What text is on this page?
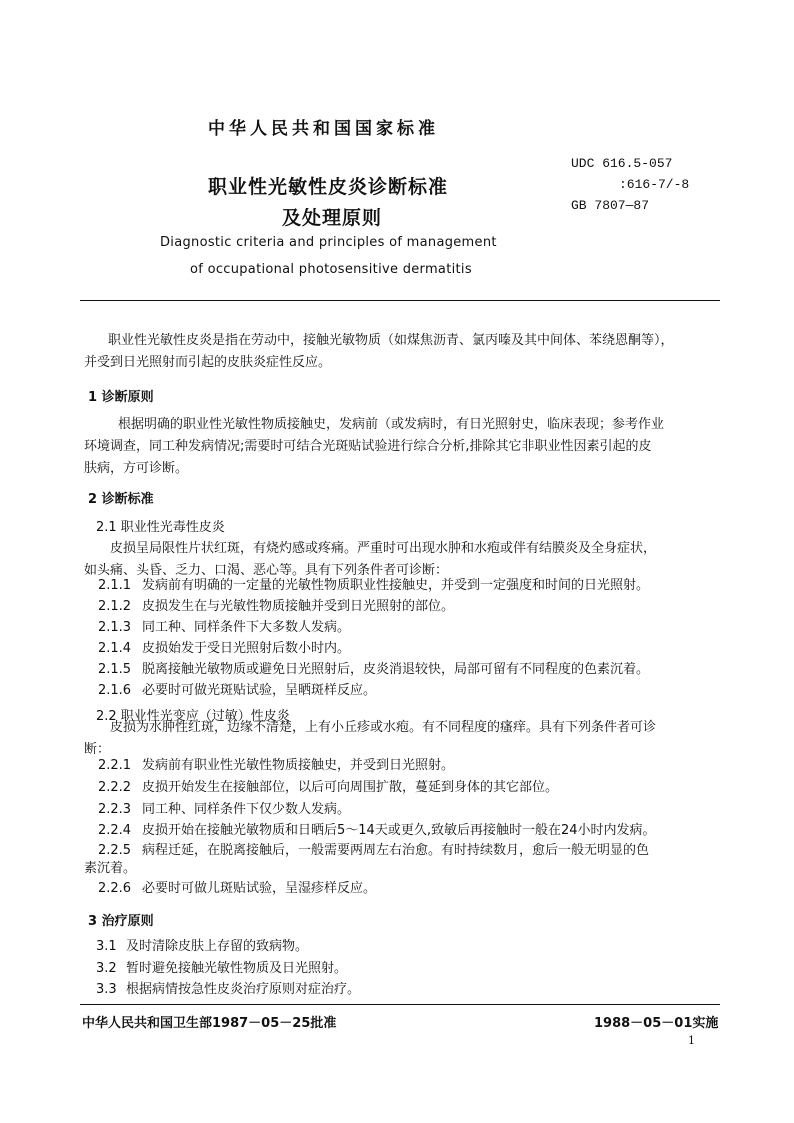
中华人民共和国国家标准
职业性光敏性皮炎诊断标准
及处理原则
Diagnostic criteria and principles of management
of occupational photosensitive dermatitis
UDC 616.5-057
:616-7/-8
GB 7807—87
职业性光敏性皮炎是指在劳动中，接触光敏物质（如煤焦沥青、氯丙嗪及其中间体、苯绕恩酮等），
并受到日光照射而引起的皮肤炎症性反应。
1 诊断原则
根据明确的职业性光敏性物质接触史，发病前（或发病时，有日光照射史，临床表现；参考作业
环境调查，同工种发病情况;需要时可结合光斑贴试验进行综合分析,排除其它非职业性因素引起的皮
肤病，方可诊断。
2 诊断标准
2.1 职业性光毒性皮炎
皮损呈局限性片状红斑，有烧灼感或疼痛。严重时可出现水肿和水疱或伴有结膜炎及全身症状，
如头痛、头昏、乏力、口渴、恶心等。具有下列条件者可诊断：
2.1.1 发病前有明确的一定量的光敏性物质职业性接触史，并受到一定强度和时间的日光照射。
2.1.2 皮损发生在与光敏性物质接触并受到日光照射的部位。
2.1.3 同工种、同样条件下大多数人发病。
2.1.4 皮损始发于受日光照射后数小时内。
2.1.5 脱离接触光敏物质或避免日光照射后，皮炎消退较快，局部可留有不同程度的色素沉着。
2.1.6 必要时可做光斑贴试验，呈晒斑样反应。
2.2 职业性光变应（过敏）性皮炎
皮损为水肿性红斑，边缘不清楚，上有小丘疹或水疱。有不同程度的瘙痒。具有下列条件者可诊
断：
2.2.1 发病前有职业性光敏性物质接触史，并受到日光照射。
2.2.2 皮损开始发生在接触部位，以后可向周围扩散，蔓延到身体的其它部位。
2.2.3 同工种、同样条件下仅少数人发病。
2.2.4 皮损开始在接触光敏物质和日晒后5～14天或更久,致敏后再接触时一般在24小时内发病。
2.2.5 病程迁延，在脱离接触后，一般需要两周左右治愈。有时持续数月，愈后一般无明显的色
素沉着。
2.2.6 必要时可做儿斑贴试验，呈湿疹样反应。
3 治疗原则
3.1 及时清除皮肤上存留的致病物。
3.2 暂时避免接触光敏性物质及日光照射。
3.3 根据病情按急性皮炎治疗原则对症治疗。
中华人民共和国卫生部1987－05－25批准	1988－05－01实施
1
